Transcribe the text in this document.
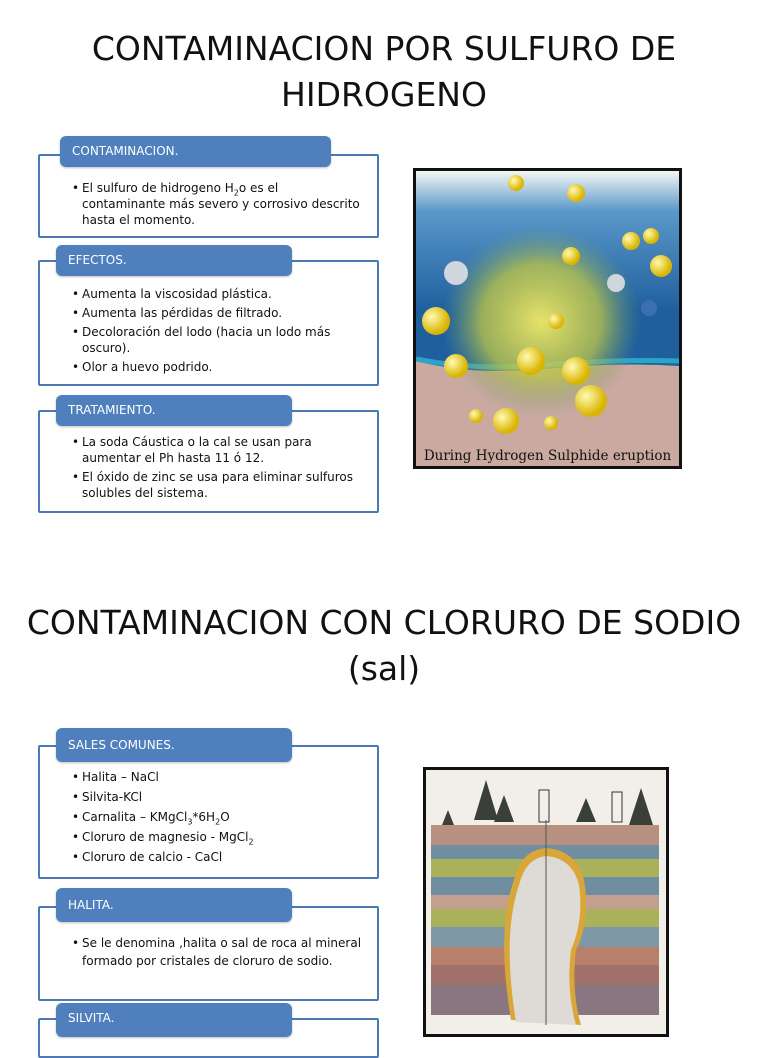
CONTAMINACION POR SULFURO DE HIDROGENO
• El sulfuro de hidrogeno $H_2o$ es el contaminante más severo y corrosivo descrito hasta el momento.
CONTAMINACION.
• Aumenta la viscosidad plástica.
• Aumenta las pérdidas de filtrado.
• Decoloración del lodo (hacia un lodo más oscuro).
• Olor a huevo podrido.
EFECTOS.
• La soda Cáustica o la cal se usan para aumentar el Ph hasta 11 ó 12.
• El óxido de zinc se usa para eliminar sulfuros solubles del sistema.
TRATAMIENTO.
During Hydrogen Sulphide eruption
CONTAMINACION CON CLORURO DE SODIO (sal)
• Halita – NaCl
• Silvita-KCl
• Carnalita – $KMgCl_3*6H_2O$
• Cloruro de magnesio - MgCl$_2$
• Cloruro de calcio - CaCl
SALES COMUNES.
• Se le denomina ,halita o sal de roca al mineral formado por cristales de cloruro de sodio.
HALITA.
SILVITA.
